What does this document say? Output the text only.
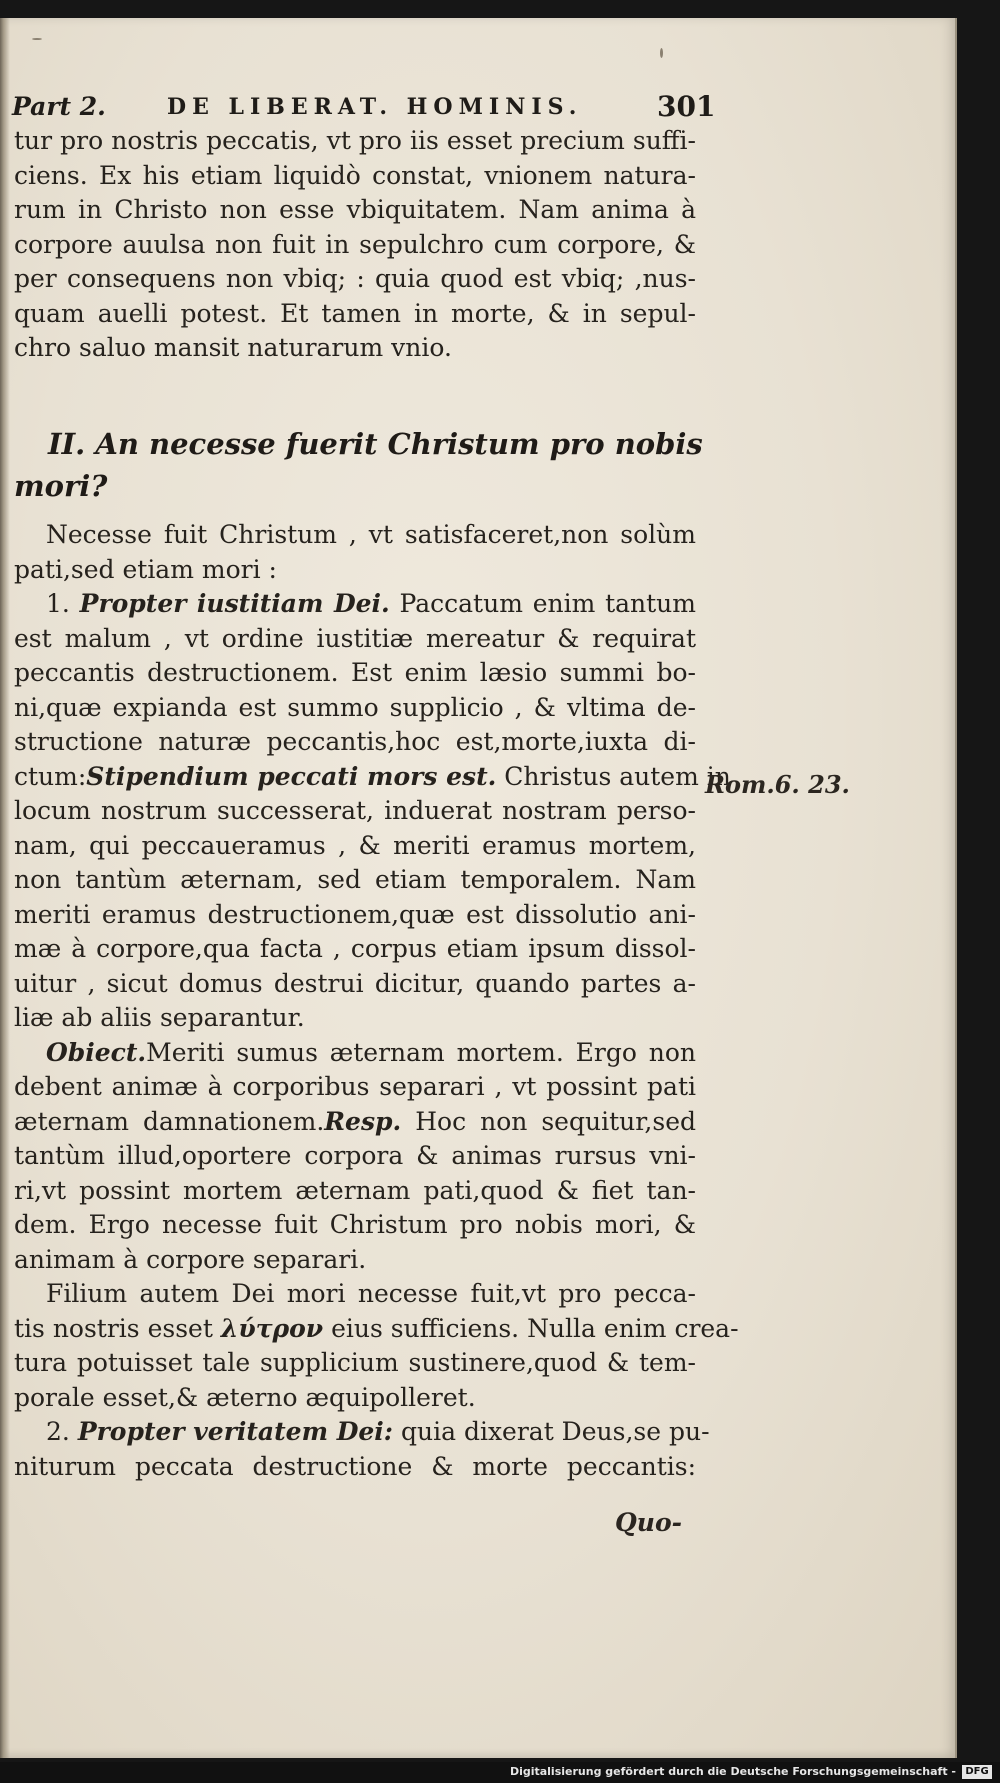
Part 2.	DE LIBERAT. HOMINIS.	301
tur pro nostris peccatis, vt pro iis esset precium suffi-
ciens. Ex his etiam liquidò constat, vnionem natura-
rum in Christo non esse vbiquitatem. Nam anima à
corpore auulsa non fuit in sepulchro cum corpore, &
per consequens non vbiq; : quia quod est vbiq; ,nus-
quam auelli potest. Et tamen in morte, & in sepul-
chro saluo mansit naturarum vnio.
II. An necesse fuerit Christum pro nobis
mori?
Necesse fuit Christum , vt satisfaceret,non solùm
pati,sed etiam mori :
1. Propter iustitiam Dei. Paccatum enim tantum
est malum , vt ordine iustitiæ mereatur & requirat
peccantis destructionem. Est enim læsio summi bo-
ni,quæ expianda est summo supplicio , & vltima de-
structione naturæ peccantis,hoc est,morte,iuxta di-
ctum:Stipendium peccati mors est. Christus autem in
locum nostrum successerat, induerat nostram perso-
nam, qui peccaueramus , & meriti eramus mortem,
non tantùm æternam, sed etiam temporalem. Nam
meriti eramus destructionem,quæ est dissolutio ani-
mæ à corpore,qua facta , corpus etiam ipsum dissol-
uitur , sicut domus destrui dicitur, quando partes a-
liæ ab aliis separantur.
Obiect.Meriti sumus æternam mortem. Ergo non
debent animæ à corporibus separari , vt possint pati
æternam damnationem.Resp. Hoc non sequitur,sed
tantùm illud,oportere corpora & animas rursus vni-
ri,vt possint mortem æternam pati,quod & fiet tan-
dem. Ergo necesse fuit Christum pro nobis mori, &
animam à corpore separari.
Filium autem Dei mori necesse fuit,vt pro pecca-
tis nostris esset λύτρον eius sufficiens. Nulla enim crea-
tura potuisset tale supplicium sustinere,quod & tem-
porale esset,& æterno æquipolleret.
2. Propter veritatem Dei: quia dixerat Deus,se pu-
niturum peccata destructione & morte peccantis:
Rom.6. 23.
Quo-
Digitalisierung gefördert durch die Deutsche Forschungsgemeinschaft - DFG
